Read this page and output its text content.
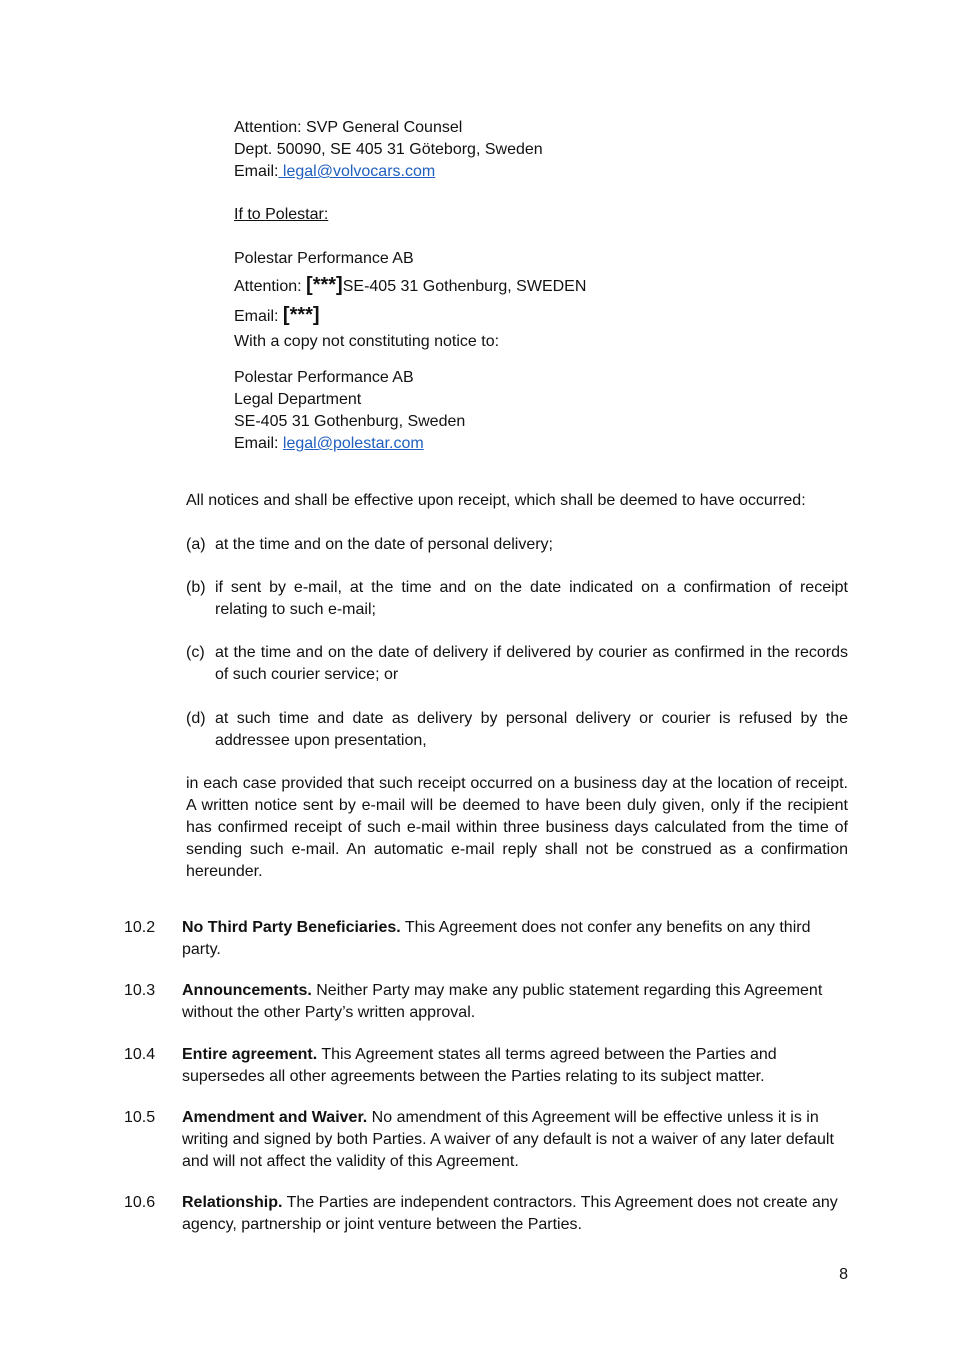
Attention: SVP General Counsel
Dept. 50090, SE 405 31 Göteborg, Sweden
Email: legal@volvocars.com
If to Polestar:
Polestar Performance AB
Attention: [***]SE-405 31 Gothenburg, SWEDEN
Email: [***]
With a copy not constituting notice to:
Polestar Performance AB
Legal Department
SE-405 31 Gothenburg, Sweden
Email: legal@polestar.com
All notices and shall be effective upon receipt, which shall be deemed to have occurred:
(a) at the time and on the date of personal delivery;
(b) if sent by e-mail, at the time and on the date indicated on a confirmation of receipt relating to such e-mail;
(c) at the time and on the date of delivery if delivered by courier as confirmed in the records of such courier service; or
(d) at such time and date as delivery by personal delivery or courier is refused by the addressee upon presentation,
in each case provided that such receipt occurred on a business day at the location of receipt. A written notice sent by e-mail will be deemed to have been duly given, only if the recipient has confirmed receipt of such e-mail within three business days calculated from the time of sending such e-mail. An automatic e-mail reply shall not be construed as a confirmation hereunder.
10.2 No Third Party Beneficiaries. This Agreement does not confer any benefits on any third party.
10.3 Announcements. Neither Party may make any public statement regarding this Agreement without the other Party’s written approval.
10.4 Entire agreement. This Agreement states all terms agreed between the Parties and supersedes all other agreements between the Parties relating to its subject matter.
10.5 Amendment and Waiver. No amendment of this Agreement will be effective unless it is in writing and signed by both Parties. A waiver of any default is not a waiver of any later default and will not affect the validity of this Agreement.
10.6 Relationship. The Parties are independent contractors. This Agreement does not create any agency, partnership or joint venture between the Parties.
8
